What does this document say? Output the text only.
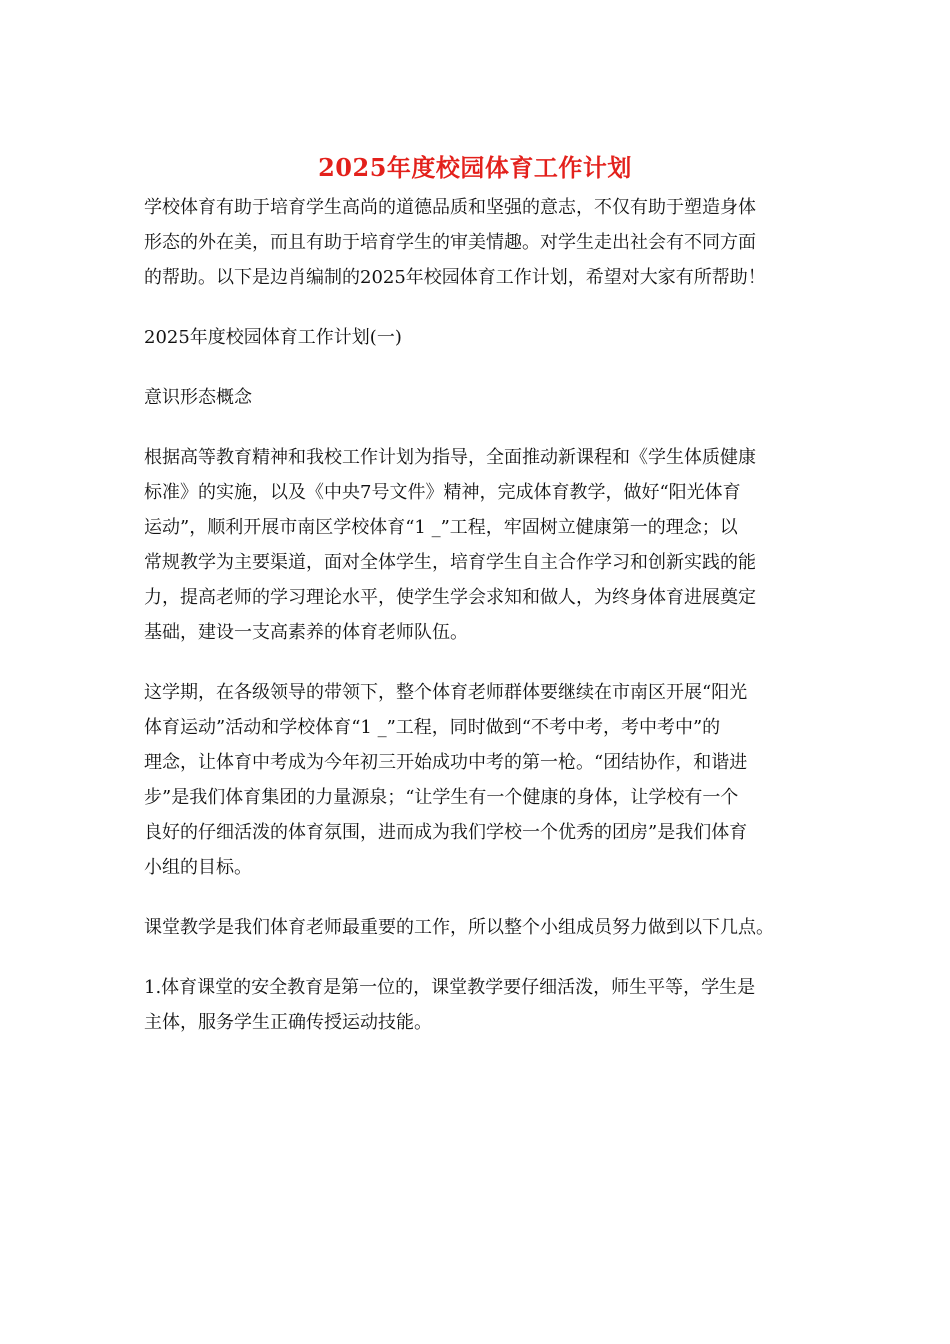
2025年度校园体育工作计划

学校体育有助于培育学生高尚的道德品质和坚强的意志，不仅有助于塑造身体
形态的外在美，而且有助于培育学生的审美情趣。对学生走出社会有不同方面
的帮助。以下是边肖编制的2025年校园体育工作计划，希望对大家有所帮助！

2025年度校园体育工作计划(一)

意识形态概念

根据高等教育精神和我校工作计划为指导，全面推动新课程和《学生体质健康
标准》的实施，以及《中央7号文件》精神，完成体育教学，做好“阳光体育
运动”，顺利开展市南区学校体育“1 _”工程，牢固树立健康第一的理念；以
常规教学为主要渠道，面对全体学生，培育学生自主合作学习和创新实践的能
力，提高老师的学习理论水平，使学生学会求知和做人，为终身体育进展奠定
基础，建设一支高素养的体育老师队伍。

这学期，在各级领导的带领下，整个体育老师群体要继续在市南区开展“阳光
体育运动”活动和学校体育“1 _”工程，同时做到“不考中考，考中考中”的
理念，让体育中考成为今年初三开始成功中考的第一枪。“团结协作，和谐进
步”是我们体育集团的力量源泉；“让学生有一个健康的身体，让学校有一个
良好的仔细活泼的体育氛围，进而成为我们学校一个优秀的团房”是我们体育
小组的目标。

课堂教学是我们体育老师最重要的工作，所以整个小组成员努力做到以下几点。

1.体育课堂的安全教育是第一位的，课堂教学要仔细活泼，师生平等，学生是
主体，服务学生正确传授运动技能。
